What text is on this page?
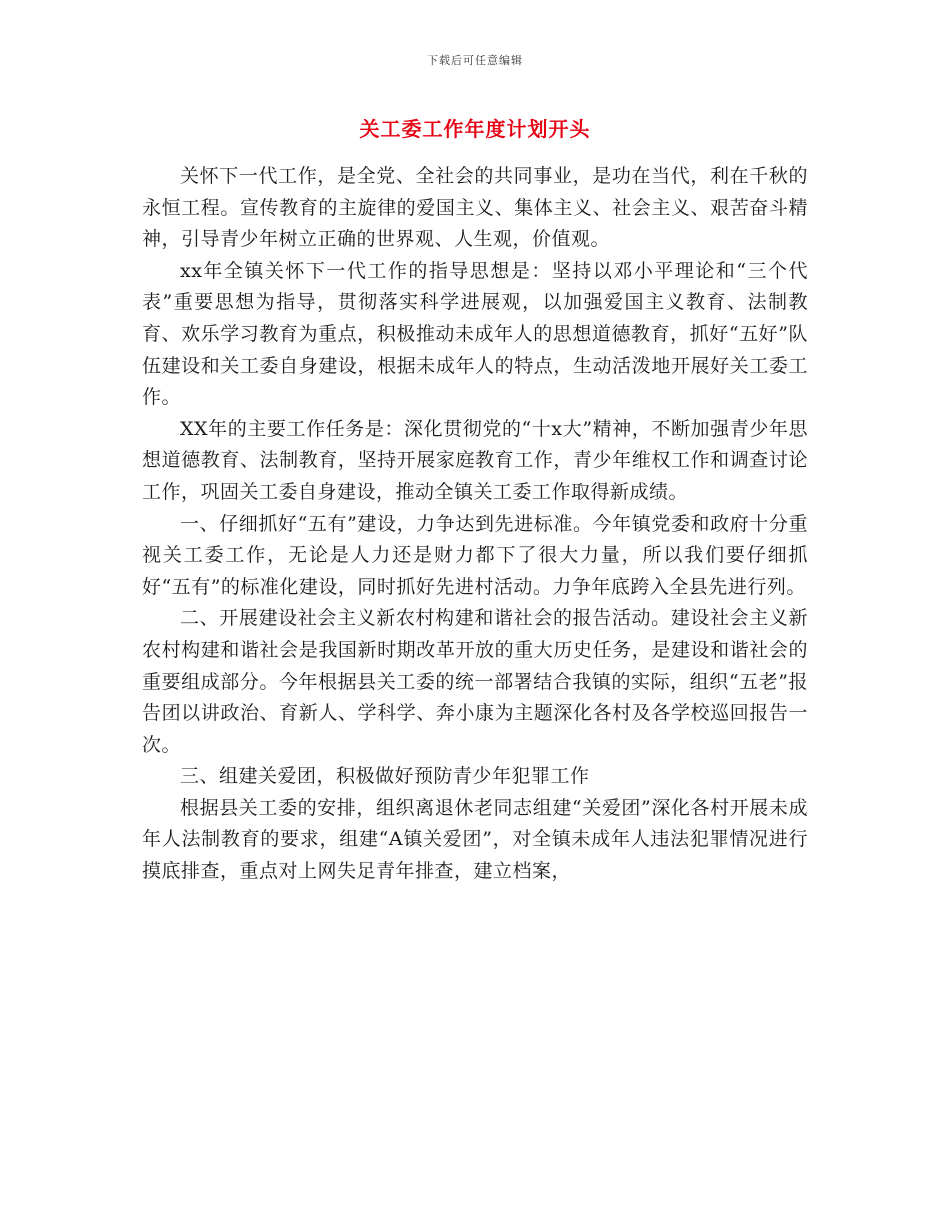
下载后可任意编辑
关工委工作年度计划开头

关怀下一代工作，是全党、全社会的共同事业，是功在当代，利在千秋的永恒工程。宣传教育的主旋律的爱国主义、集体主义、社会主义、艰苦奋斗精神，引导青少年树立正确的世界观、人生观，价值观。

xx年全镇关怀下一代工作的指导思想是：坚持以邓小平理论和“三个代表”重要思想为指导，贯彻落实科学进展观，以加强爱国主义教育、法制教育、欢乐学习教育为重点，积极推动未成年人的思想道德教育，抓好“五好”队伍建设和关工委自身建设，根据未成年人的特点，生动活泼地开展好关工委工作。

XX年的主要工作任务是：深化贯彻党的“十x大”精神，不断加强青少年思想道德教育、法制教育，坚持开展家庭教育工作，青少年维权工作和调查讨论工作，巩固关工委自身建设，推动全镇关工委工作取得新成绩。

一、仔细抓好“五有”建设，力争达到先进标准。今年镇党委和政府十分重视关工委工作，无论是人力还是财力都下了很大力量，所以我们要仔细抓好“五有”的标准化建设，同时抓好先进村活动。力争年底跨入全县先进行列。

二、开展建设社会主义新农村构建和谐社会的报告活动。建设社会主义新农村构建和谐社会是我国新时期改革开放的重大历史任务，是建设和谐社会的重要组成部分。今年根据县关工委的统一部署结合我镇的实际，组织“五老”报告团以讲政治、育新人、学科学、奔小康为主题深化各村及各学校巡回报告一次。

三、组建关爱团，积极做好预防青少年犯罪工作

根据县关工委的安排，组织离退休老同志组建“关爱团”深化各村开展未成年人法制教育的要求，组建“A镇关爱团”，对全镇未成年人违法犯罪情况进行摸底排查，重点对上网失足青年排查，建立档案，
